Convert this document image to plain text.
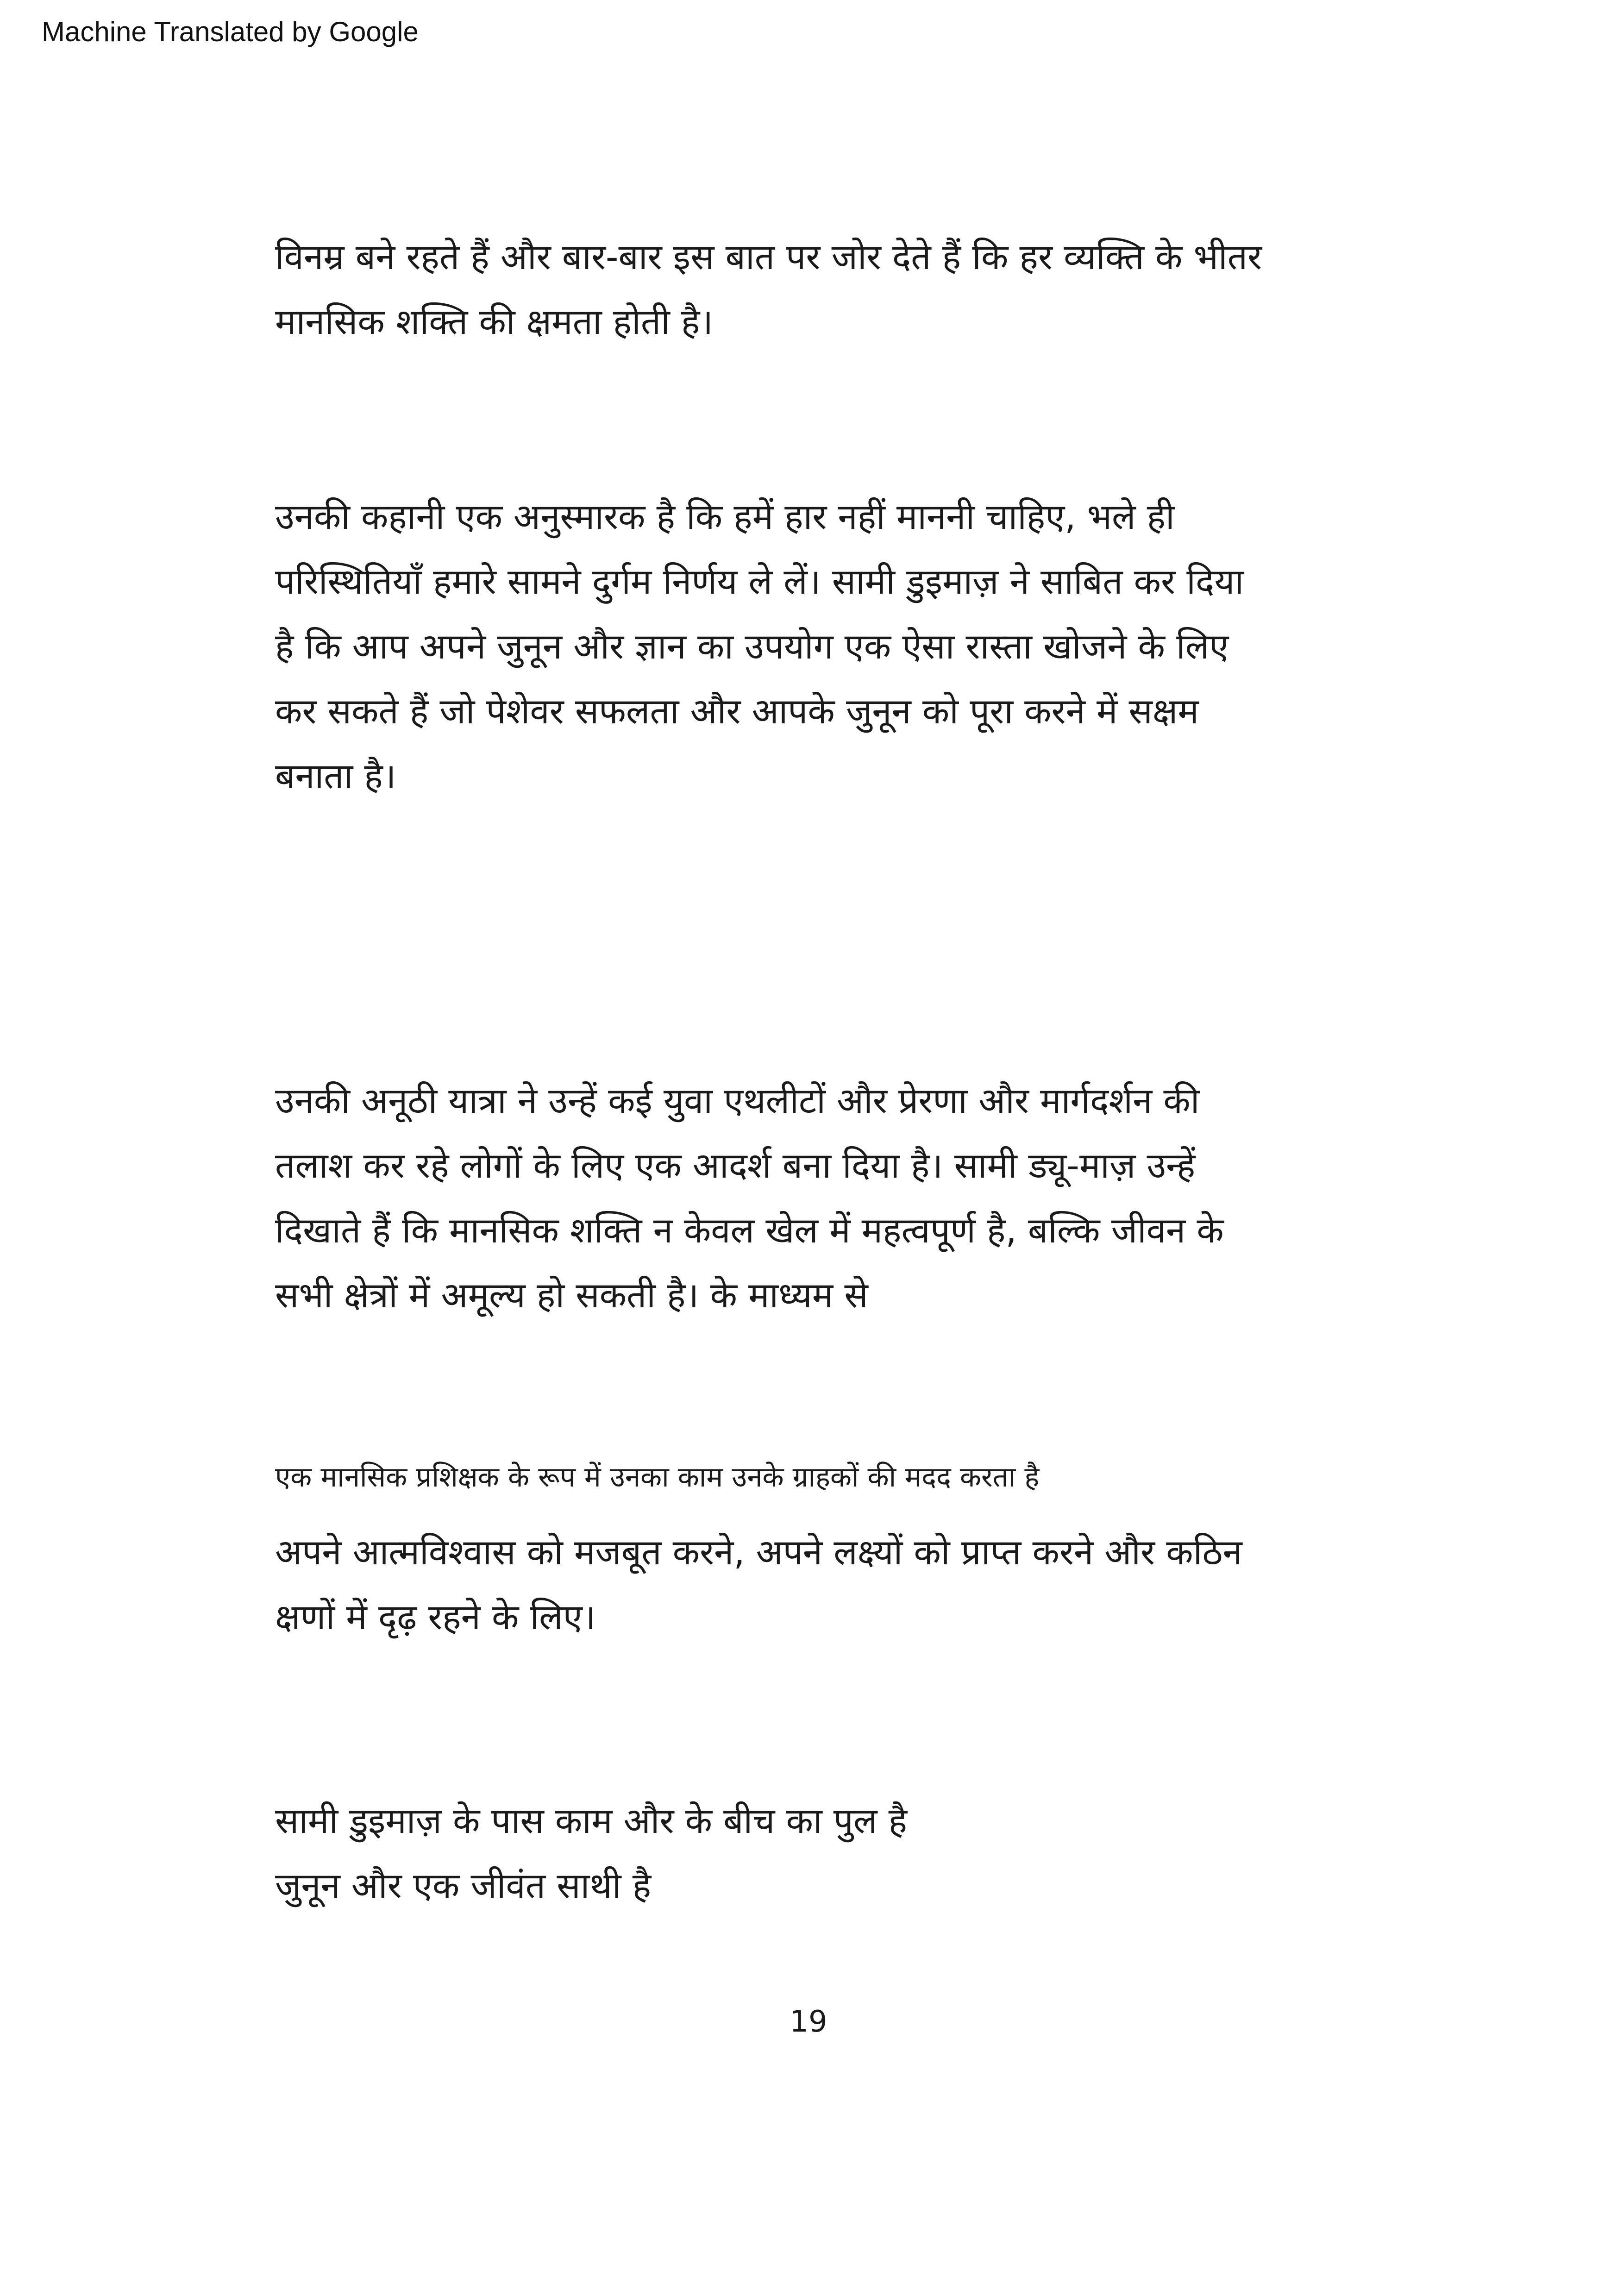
Machine Translated by Google

विनम्र बने रहते हैं और बार-बार इस बात पर जोर देते हैं कि हर व्यक्ति के भीतर
मानसिक शक्ति की क्षमता होती है।

उनकी कहानी एक अनुस्मारक है कि हमें हार नहीं माननी चाहिए, भले ही
परिस्थितियाँ हमारे सामने दुर्गम निर्णय ले लें। सामी डुइमाज़ ने साबित कर दिया
है कि आप अपने जुनून और ज्ञान का उपयोग एक ऐसा रास्ता खोजने के लिए
कर सकते हैं जो पेशेवर सफलता और आपके जुनून को पूरा करने में सक्षम
बनाता है।

उनकी अनूठी यात्रा ने उन्हें कई युवा एथलीटों और प्रेरणा और मार्गदर्शन की
तलाश कर रहे लोगों के लिए एक आदर्श बना दिया है। सामी ड्यू-माज़ उन्हें
दिखाते हैं कि मानसिक शक्ति न केवल खेल में महत्वपूर्ण है, बल्कि जीवन के
सभी क्षेत्रों में अमूल्य हो सकती है। के माध्यम से

एक मानसिक प्रशिक्षक के रूप में उनका काम उनके ग्राहकों की मदद करता है

अपने आत्मविश्वास को मजबूत करने, अपने लक्ष्यों को प्राप्त करने और कठिन
क्षणों में दृढ़ रहने के लिए।

सामी डुइमाज़ के पास काम और के बीच का पुल है
जुनून और एक जीवंत साथी है

19
